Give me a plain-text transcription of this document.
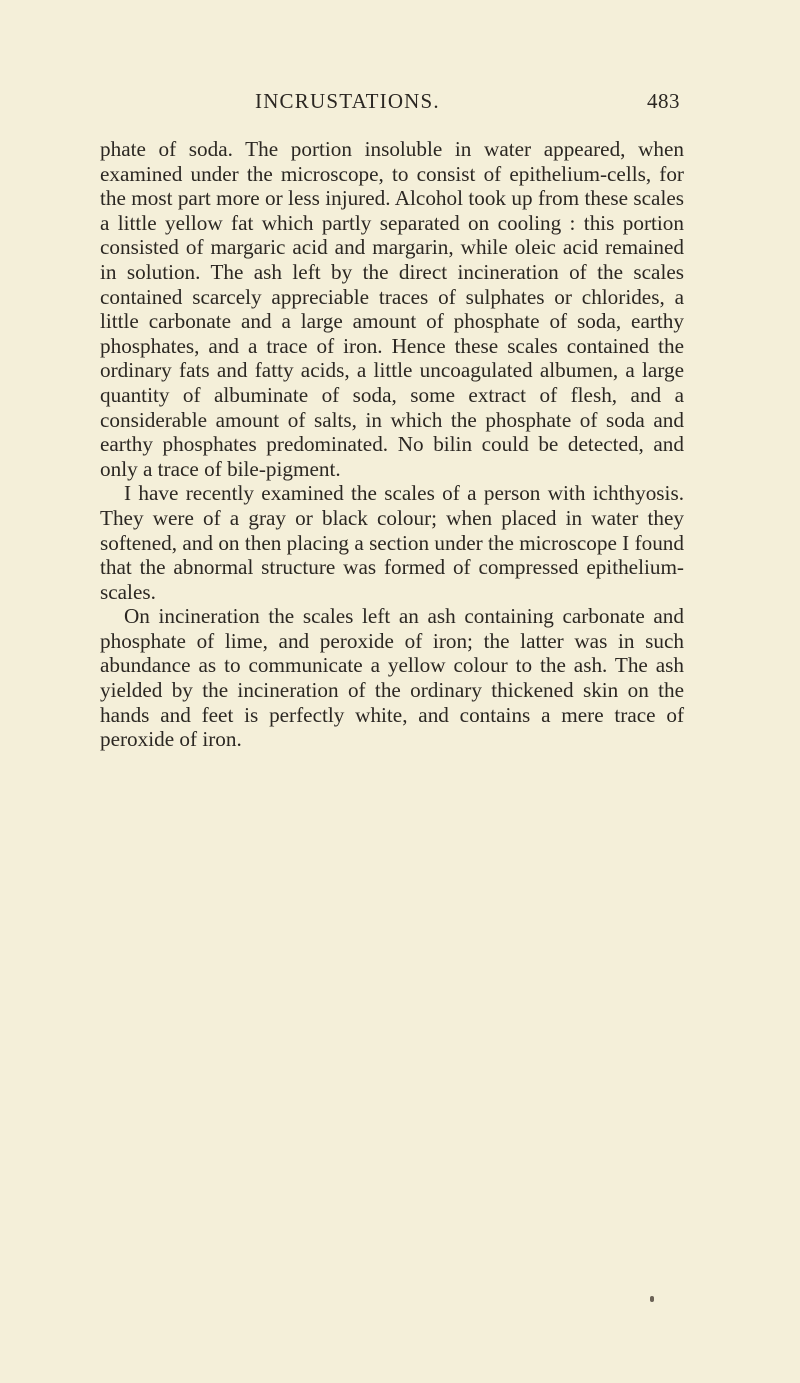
INCRUSTATIONS.	483

phate of soda. The portion insoluble in water appeared, when examined under the microscope, to consist of epithelium-cells, for the most part more or less injured. Alcohol took up from these scales a little yellow fat which partly separated on cooling : this portion consisted of margaric acid and margarin, while oleic acid remained in solution. The ash left by the direct incineration of the scales contained scarcely appreciable traces of sulphates or chlorides, a little carbonate and a large amount of phosphate of soda, earthy phosphates, and a trace of iron. Hence these scales contained the ordinary fats and fatty acids, a little uncoagulated albumen, a large quantity of albuminate of soda, some extract of flesh, and a considerable amount of salts, in which the phosphate of soda and earthy phosphates predominated. No bilin could be detected, and only a trace of bile-pigment.

I have recently examined the scales of a person with ichthyosis. They were of a gray or black colour; when placed in water they softened, and on then placing a section under the microscope I found that the abnormal structure was formed of compressed epithelium-scales.

On incineration the scales left an ash containing carbonate and phosphate of lime, and peroxide of iron; the latter was in such abundance as to communicate a yellow colour to the ash. The ash yielded by the incineration of the ordinary thickened skin on the hands and feet is perfectly white, and contains a mere trace of peroxide of iron.
